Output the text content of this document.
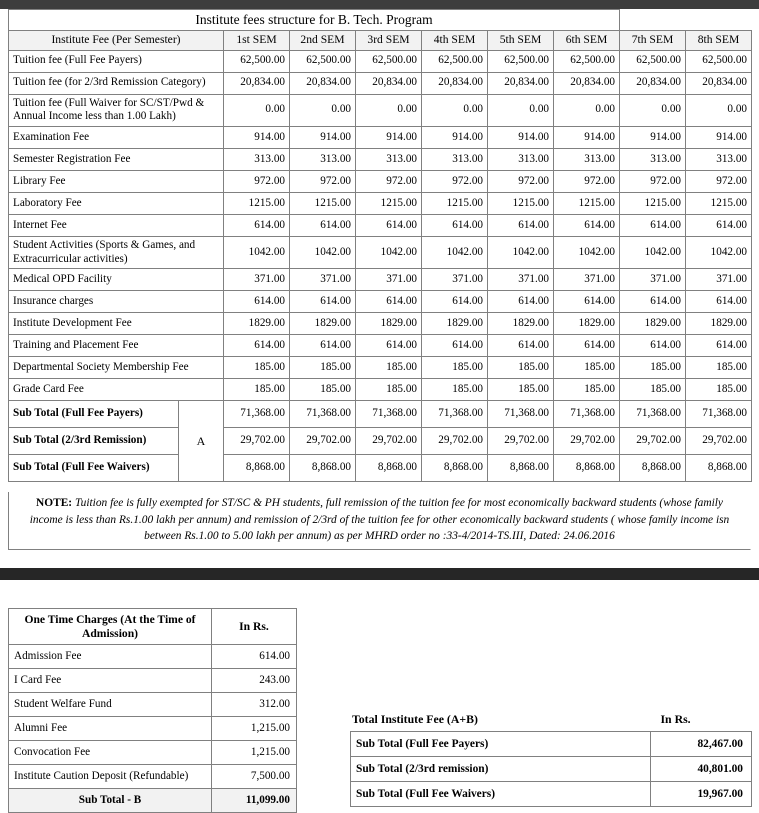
Institute fees structure for B. Tech. Program									
Institute Fee (Per Semester)		1st SEM	2nd SEM	3rd SEM	4th SEM	5th SEM	6th SEM	7th SEM	8th SEM
Tuition fee (Full Fee Payers)		62,500.00	62,500.00	62,500.00	62,500.00	62,500.00	62,500.00	62,500.00	62,500.00
Tuition fee (for 2/3rd Remission Category)		20,834.00	20,834.00	20,834.00	20,834.00	20,834.00	20,834.00	20,834.00	20,834.00
Tuition fee (Full Waiver for SC/ST/Pwd & Annual Income less than 1.00 Lakh)		0.00	0.00	0.00	0.00	0.00	0.00	0.00	0.00
Examination Fee		914.00	914.00	914.00	914.00	914.00	914.00	914.00	914.00
Semester Registration Fee		313.00	313.00	313.00	313.00	313.00	313.00	313.00	313.00
Library Fee		972.00	972.00	972.00	972.00	972.00	972.00	972.00	972.00
Laboratory Fee		1215.00	1215.00	1215.00	1215.00	1215.00	1215.00	1215.00	1215.00
Internet Fee		614.00	614.00	614.00	614.00	614.00	614.00	614.00	614.00
Student Activities (Sports & Games, and Extracurricular activities)		1042.00	1042.00	1042.00	1042.00	1042.00	1042.00	1042.00	1042.00
Medical OPD Facility		371.00	371.00	371.00	371.00	371.00	371.00	371.00	371.00
Insurance charges		614.00	614.00	614.00	614.00	614.00	614.00	614.00	614.00
Institute Development Fee		1829.00	1829.00	1829.00	1829.00	1829.00	1829.00	1829.00	1829.00
Training and Placement Fee		614.00	614.00	614.00	614.00	614.00	614.00	614.00	614.00
Departmental Society Membership Fee		185.00	185.00	185.00	185.00	185.00	185.00	185.00	185.00
Grade Card Fee		185.00	185.00	185.00	185.00	185.00	185.00	185.00	185.00
Sub Total (Full Fee Payers)	A	71,368.00	71,368.00	71,368.00	71,368.00	71,368.00	71,368.00	71,368.00	71,368.00
Sub Total (2/3rd Remission)		29,702.00	29,702.00	29,702.00	29,702.00	29,702.00	29,702.00	29,702.00	29,702.00
Sub Total (Full Fee Waivers)		8,868.00	8,868.00	8,868.00	8,868.00	8,868.00	8,868.00	8,868.00	8,868.00
NOTE: Tuition fee is fully exempted for ST/SC & PH students, full remission of the tuition fee for most economically backward students (whose family income is less than Rs.1.00 lakh per annum) and remission of 2/3rd of the tuition fee for other economically backward students ( whose family income isn between Rs.1.00 to 5.00 lakh per annum) as per MHRD order no :33-4/2014-TS.III, Dated: 24.06.2016
One Time Charges (At the Time of Admission)	In Rs.
Admission Fee	614.00
I Card Fee	243.00
Student Welfare Fund	312.00
Alumni Fee	1,215.00
Convocation Fee	1,215.00
Institute Caution Deposit (Refundable)	7,500.00
Sub Total - B	11,099.00
Total Institute Fee (A+B)	In Rs.
Sub Total (Full Fee Payers)	82,467.00
Sub Total (2/3rd remission)	40,801.00
Sub Total (Full Fee Waivers)	19,967.00
